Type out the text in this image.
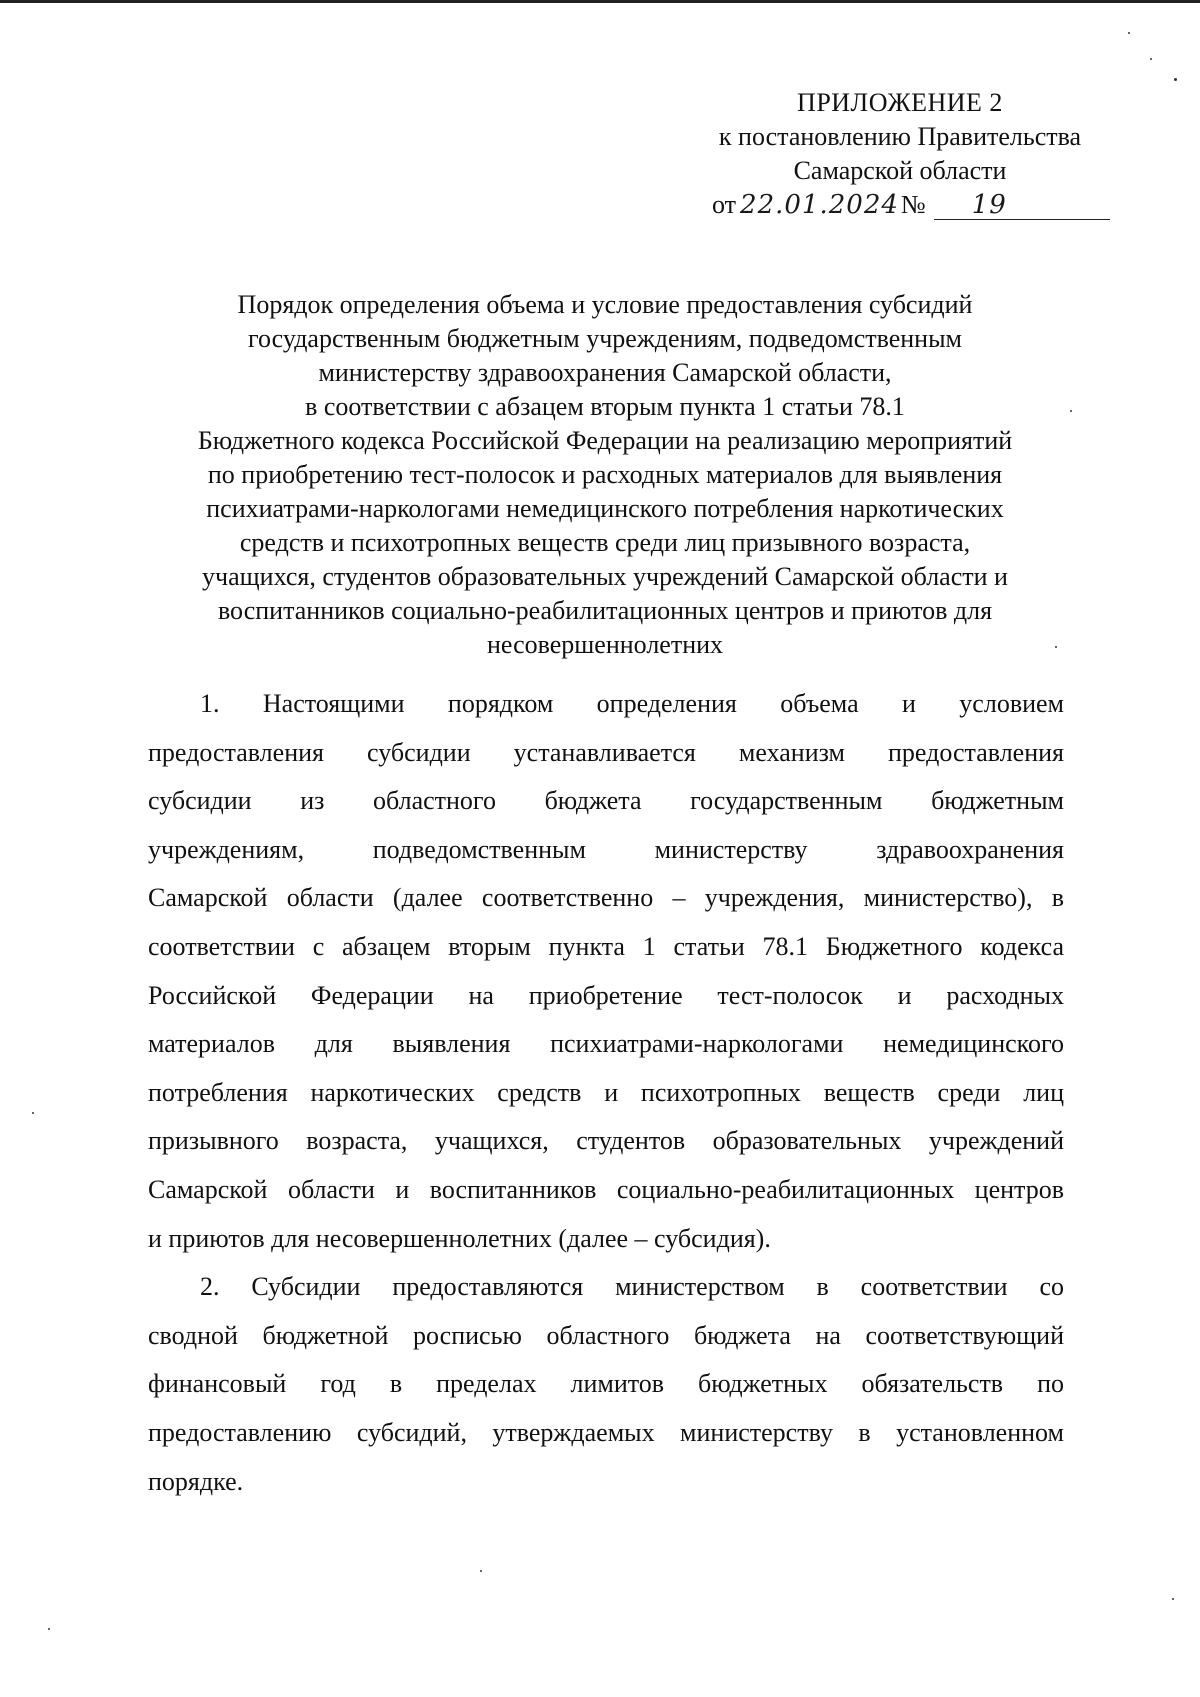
ПРИЛОЖЕНИЕ 2
к постановлению Правительства
Самарской области
от 22.01.2024№ 19
Порядок определения объема и условие предоставления субсидий
государственным бюджетным учреждениям, подведомственным
министерству здравоохранения Самарской области,
в соответствии с абзацем вторым пункта 1 статьи 78.1
Бюджетного кодекса Российской Федерации на реализацию мероприятий
по приобретению тест-полосок и расходных материалов для выявления
психиатрами-наркологами немедицинского потребления наркотических
средств и психотропных веществ среди лиц призывного возраста,
учащихся, студентов образовательных учреждений Самарской области и
воспитанников социально-реабилитационных центров и приютов для
несовершеннолетних
1. Настоящими порядком определения объема и условием
предоставления субсидии устанавливается механизм предоставления
субсидии из областного бюджета государственным бюджетным
учреждениям, подведомственным министерству здравоохранения
Самарской области (далее соответственно – учреждения, министерство), в
соответствии с абзацем вторым пункта 1 статьи 78.1 Бюджетного кодекса
Российской Федерации на приобретение тест-полосок и расходных
материалов для выявления психиатрами-наркологами немедицинского
потребления наркотических средств и психотропных веществ среди лиц
призывного возраста, учащихся, студентов образовательных учреждений
Самарской области и воспитанников социально-реабилитационных центров
и приютов для несовершеннолетних (далее – субсидия).
2. Субсидии предоставляются министерством в соответствии со
сводной бюджетной росписью областного бюджета на соответствующий
финансовый год в пределах лимитов бюджетных обязательств по
предоставлению субсидий, утверждаемых министерству в установленном
порядке.
